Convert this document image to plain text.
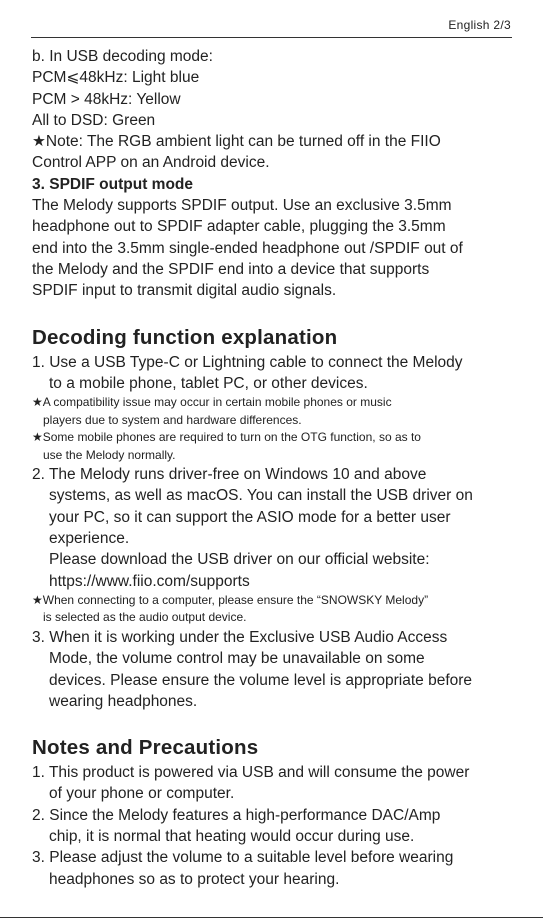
English 2/3
b. In USB decoding mode:
PCM⩽48kHz: Light blue
PCM > 48kHz: Yellow
All to DSD: Green
★Note: The RGB ambient light can be turned off in the FIIO
Control APP on an Android device.
3. SPDIF output mode
The Melody supports SPDIF output. Use an exclusive 3.5mm
headphone out to SPDIF adapter cable, plugging the 3.5mm
end into the 3.5mm single-ended headphone out /SPDIF out of
the Melody and the SPDIF end into a device that supports
SPDIF input to transmit digital audio signals.
Decoding function explanation
1. Use a USB Type-C or Lightning cable to connect the Melody
to a mobile phone, tablet PC, or other devices.
★A compatibility issue may occur in certain mobile phones or music
players due to system and hardware differences.
★Some mobile phones are required to turn on the OTG function, so as to
use the Melody normally.
2. The Melody runs driver-free on Windows 10 and above
systems, as well as macOS. You can install the USB driver on
your PC, so it can support the ASIO mode for a better user
experience.
Please download the USB driver on our official website:
https://www.fiio.com/supports
★When connecting to a computer, please ensure the “SNOWSKY Melody”
is selected as the audio output device.
3. When it is working under the Exclusive USB Audio Access
Mode, the volume control may be unavailable on some
devices. Please ensure the volume level is appropriate before
wearing headphones.
Notes and Precautions
1. This product is powered via USB and will consume the power
of your phone or computer.
2. Since the Melody features a high-performance DAC/Amp
chip, it is normal that heating would occur during use.
3. Please adjust the volume to a suitable level before wearing
headphones so as to protect your hearing.
